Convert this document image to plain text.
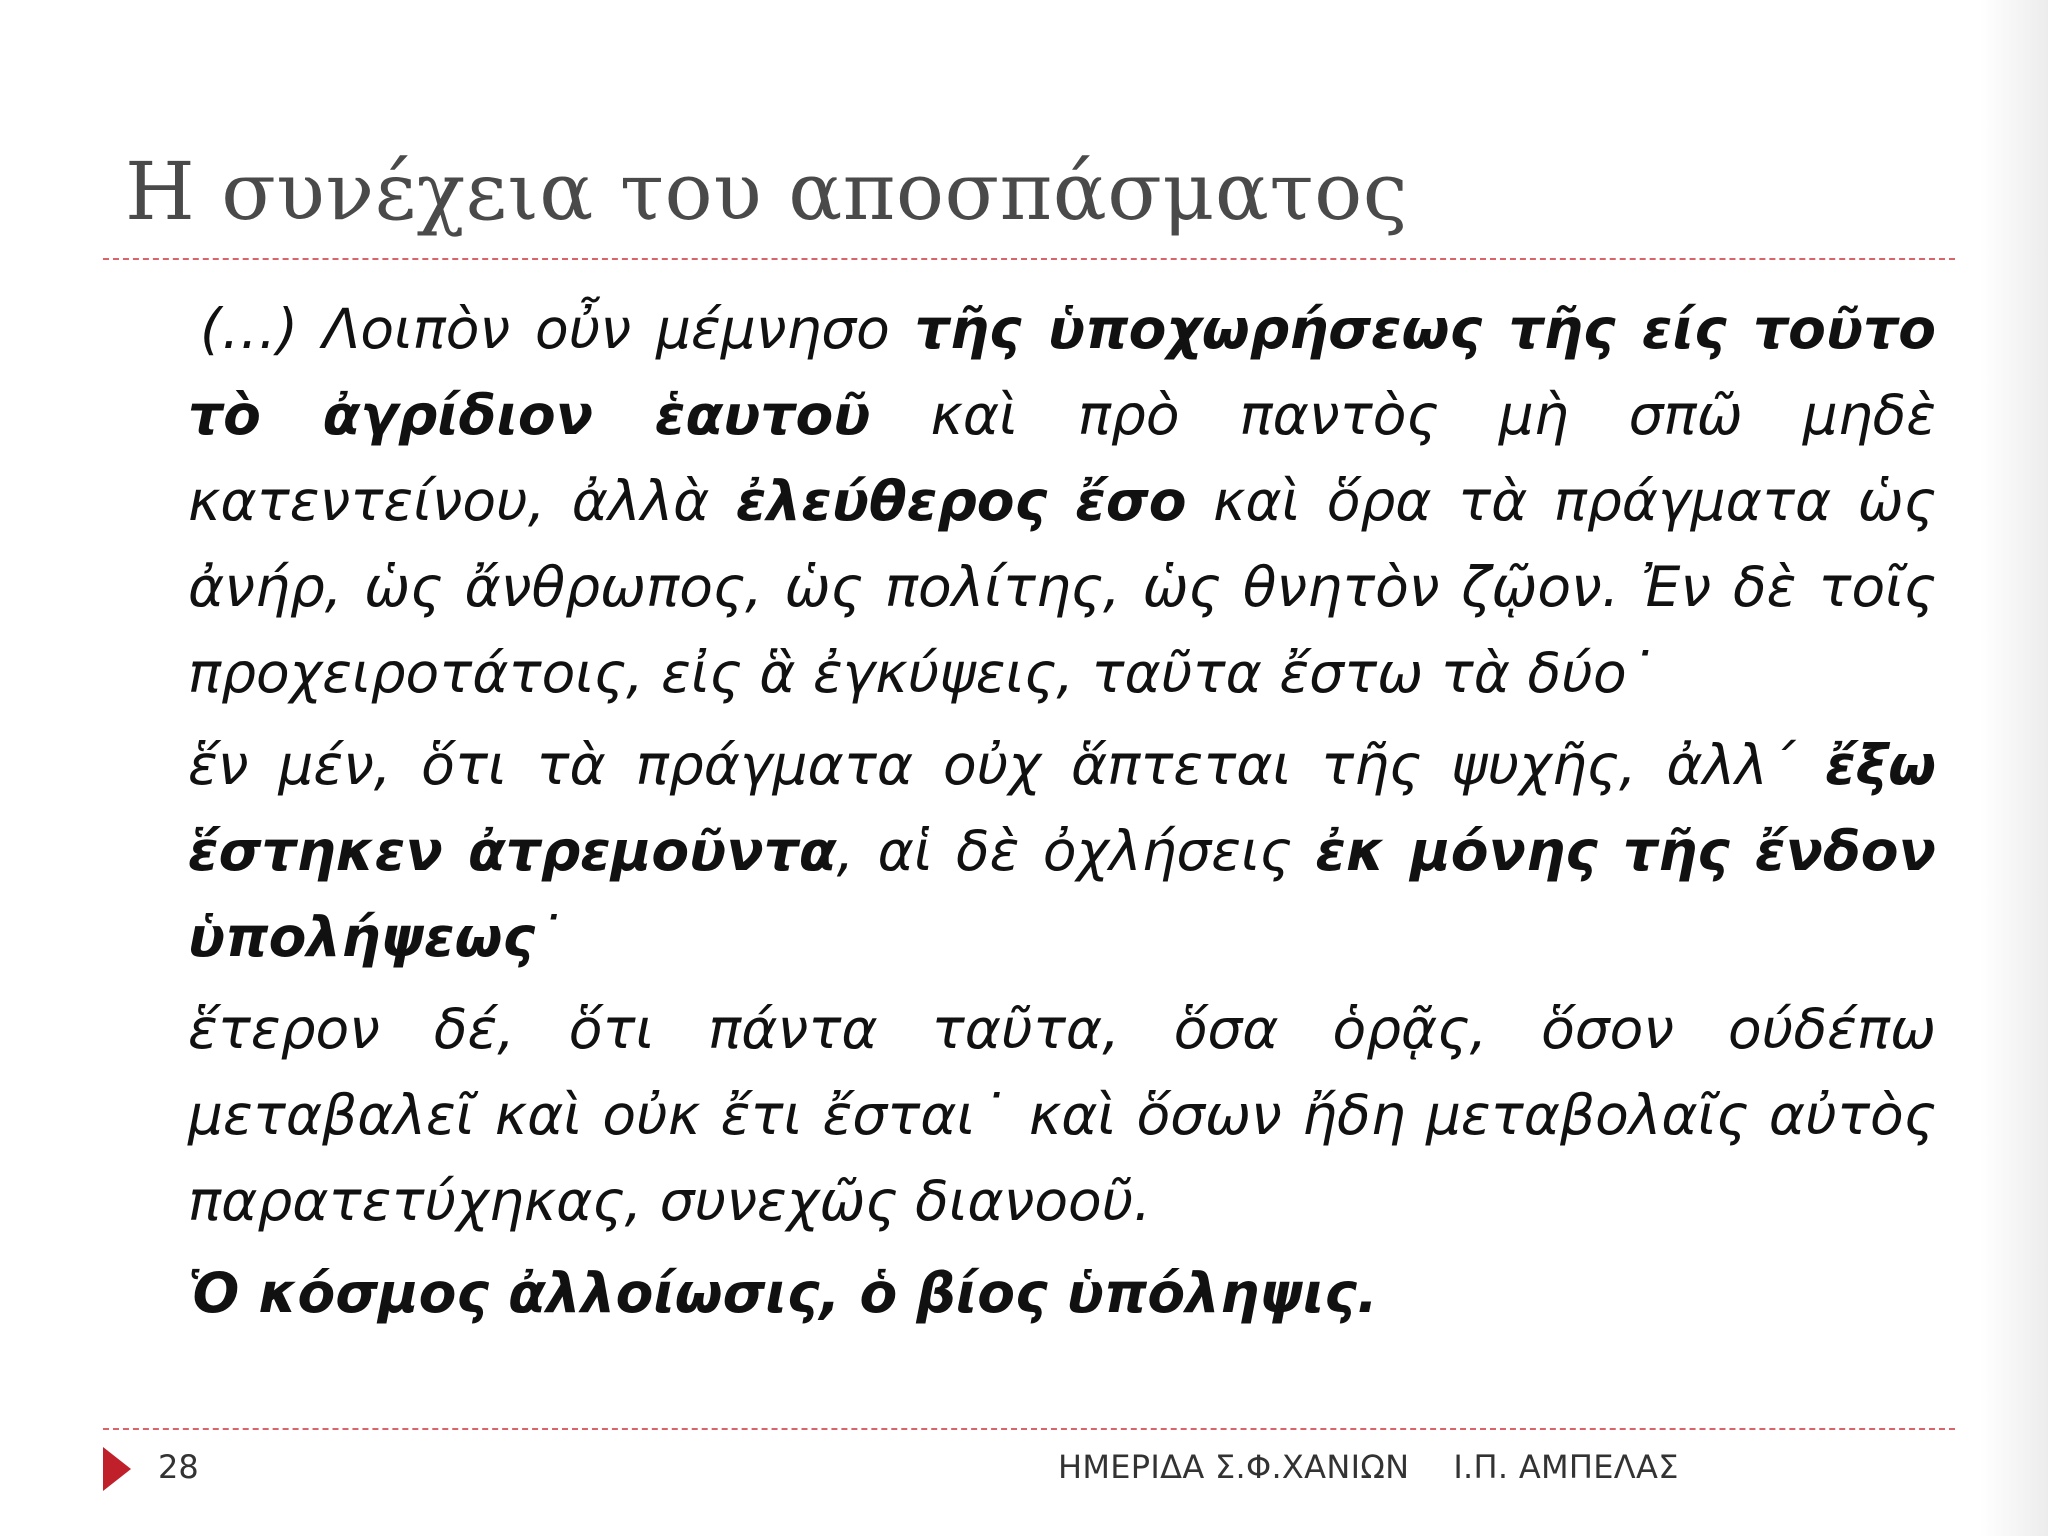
Η συνέχεια του αποσπάσματος

(…) Λοιπὸν οὖν μέμνησο τῆς ὑποχωρήσεως τῆς είς τοῦτο τὸ ἀγρίδιον ἑαυτοῦ καὶ πρὸ παντὸς μὴ σπῶ μηδὲ κατεντείνου, ἀλλὰ ἐλεύθερος ἔσο καὶ ὅρα τὰ πράγματα ὡς ἀνήρ, ὡς ἄνθρωπος, ὡς πολίτης, ὡς θνητὸν ζῷον. Ἐν δὲ τοῖς προχειροτάτοις, εἰς ἃ ἐγκύψεις, ταῦτα ἔστω τὰ δύο˙

ἕν μέν, ὅτι τὰ πράγματα οὐχ ἅπτεται τῆς ψυχῆς, ἀλλ΄ ἔξω ἕστηκεν ἀτρεμοῦντα, αἱ δὲ ὀχλήσεις ἐκ μόνης τῆς ἔνδον ὑπολήψεως˙

ἕτερον δέ, ὅτι πάντα ταῦτα, ὅσα ὁρᾷς, ὅσον ούδέπω μεταβαλεῖ καὶ οὐκ ἔτι ἔσται˙ καὶ ὅσων ἤδη μεταβολαῖς αὐτὸς παρατετύχηκας, συνεχῶς διανοοῦ.

Ὁ κόσμος ἀλλοίωσις, ὁ βίος ὑπόληψις.

28	ΗΜΕΡΙΔΑ Σ.Φ.ΧΑΝΙΩΝ Ι.Π. ΑΜΠΕΛΑΣ
